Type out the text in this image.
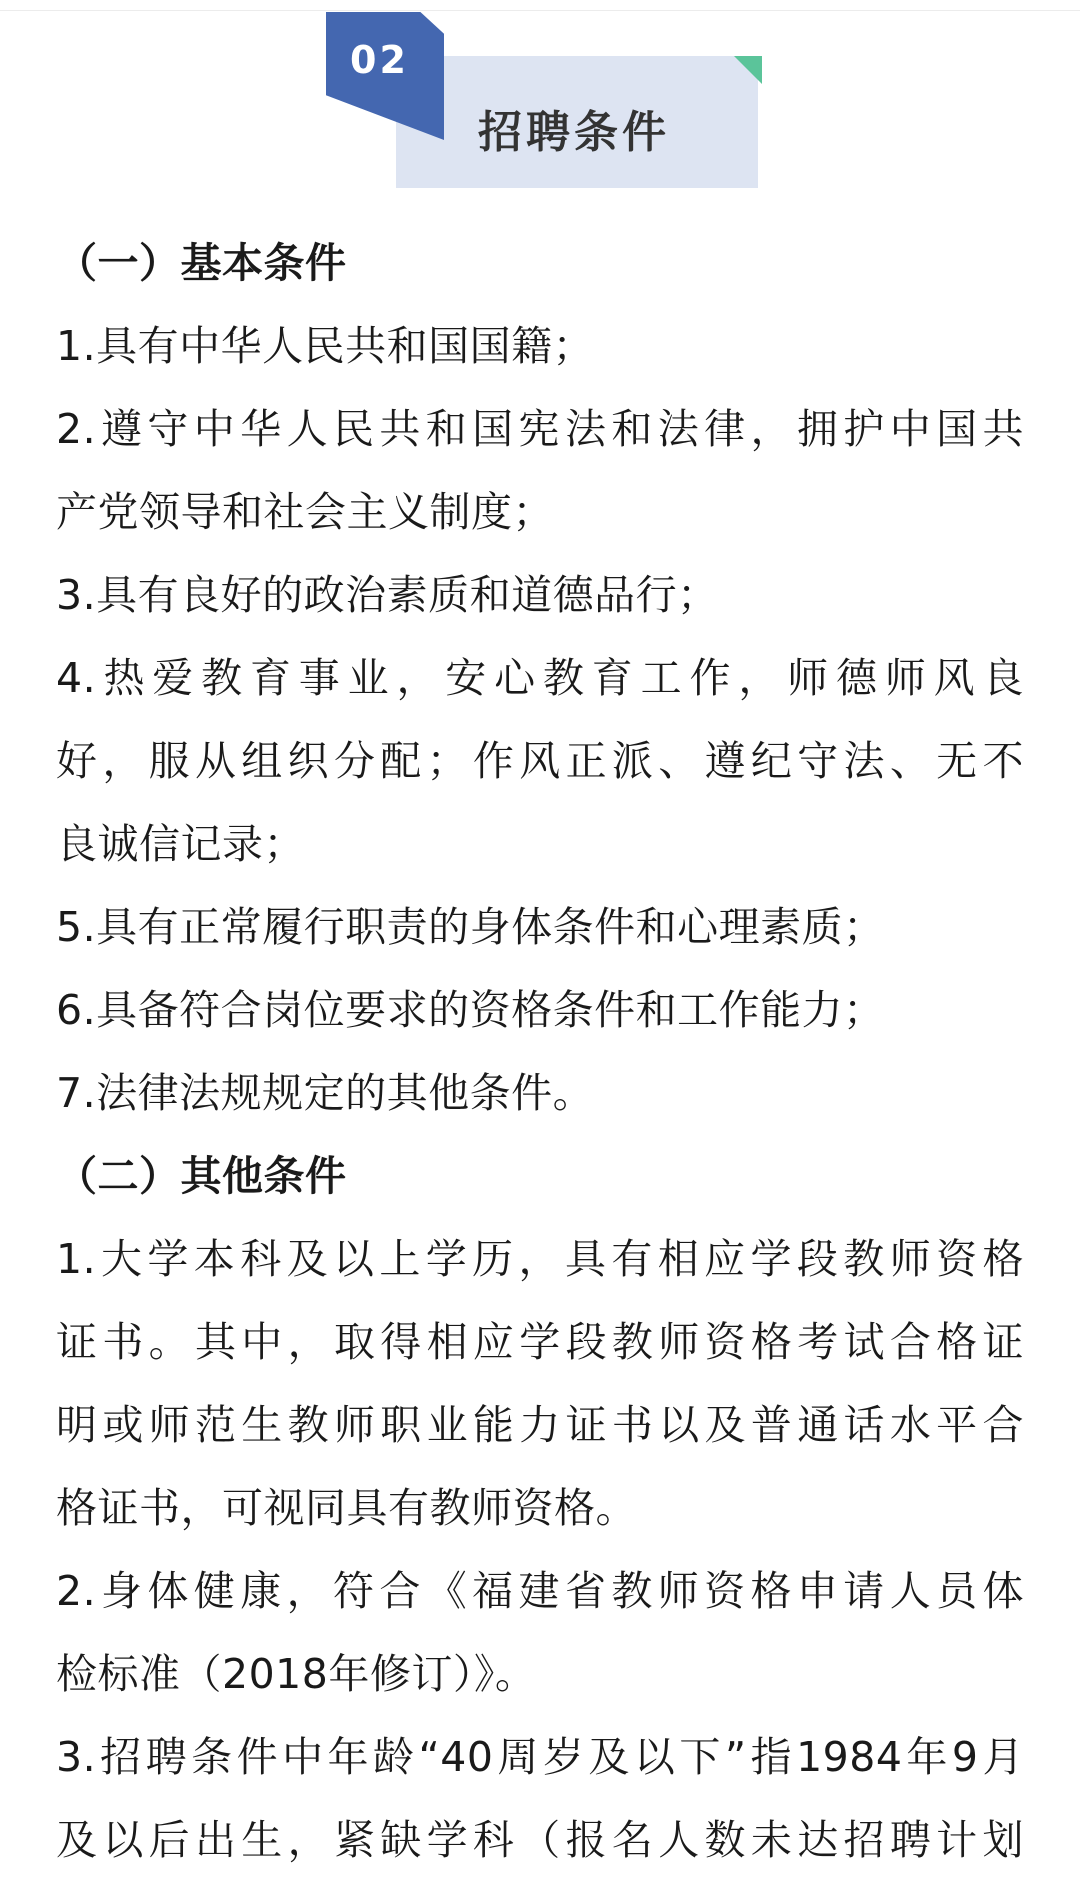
02
招聘条件
（一）基本条件
1.具有中华人民共和国国籍；
2.遵守中华人民共和国宪法和法律，拥护中国共
产党领导和社会主义制度；
3.具有良好的政治素质和道德品行；
4.热爱教育事业，安心教育工作，师德师风良
好，服从组织分配；作风正派、遵纪守法、无不
良诚信记录；
5.具有正常履行职责的身体条件和心理素质；
6.具备符合岗位要求的资格条件和工作能力；
7.法律法规规定的其他条件。
（二）其他条件
1.大学本科及以上学历，具有相应学段教师资格
证书。其中，取得相应学段教师资格考试合格证
明或师范生教师职业能力证书以及普通话水平合
格证书，可视同具有教师资格。
2.身体健康，符合《福建省教师资格申请人员体
检标准（2018年修订）》。
3.招聘条件中年龄“40周岁及以下”指1984年9月
及以后出生，紧缺学科（报名人数未达招聘计划
